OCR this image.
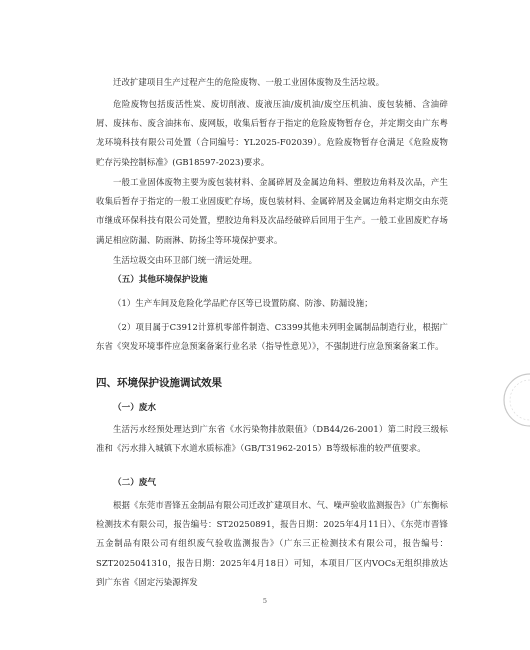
迁改扩建项目生产过程产生的危险废物、一般工业固体废物及生活垃圾。

危险废物包括废活性炭、废切削液、废液压油/废机油/废空压机油、废包装桶、含油碎屑、废抹布、废含油抹布、废网版，收集后暂存于指定的危险废物暂存仓，并定期交由广东粤龙环境科技有限公司处置（合同编号：YL2025-F02039）。危险废物暂存仓满足《危险废物贮存污染控制标准》(GB18597-2023)要求。

一般工业固体废物主要为废包装材料、金属碎屑及金属边角料、塑胶边角料及次品，产生收集后暂存于指定的一般工业固废贮存场，废包装材料、金属碎屑及金属边角料定期交由东莞市继成环保科技有限公司处置，塑胶边角料及次品经破碎后回用于生产。一般工业固废贮存场满足相应防漏、防雨淋、防扬尘等环境保护要求。

生活垃圾交由环卫部门统一清运处理。

（五）其他环境保护设施

（1）生产车间及危险化学品贮存区等已设置防腐、防渗、防漏设施；

（2）项目属于C3912计算机零部件制造、C3399其他未列明金属制品制造行业，根据广东省《突发环境事件应急预案备案行业名录（指导性意见）》，不强制进行应急预案备案工作。

四、环境保护设施调试效果
（一）废水

生活污水经预处理达到广东省《水污染物排放限值》（DB44/26-2001）第二时段三级标准和《污水排入城镇下水道水质标准》（GB/T31962-2015）B等级标准的较严值要求。

（二）废气

根据《东莞市晋锋五金制品有限公司迁改扩建项目水、气、噪声验收监测报告》（广东衡标检测技术有限公司，报告编号：ST20250891，报告日期：2025年4月11日）、《东莞市晋锋五金制品有限公司有组织废气验收监测报告》（广东三正检测技术有限公司，报告编号：SZT2025041310，报告日期：2025年4月18日）可知，本项目厂区内VOCs无组织排放达到广东省《固定污染源挥发

5
